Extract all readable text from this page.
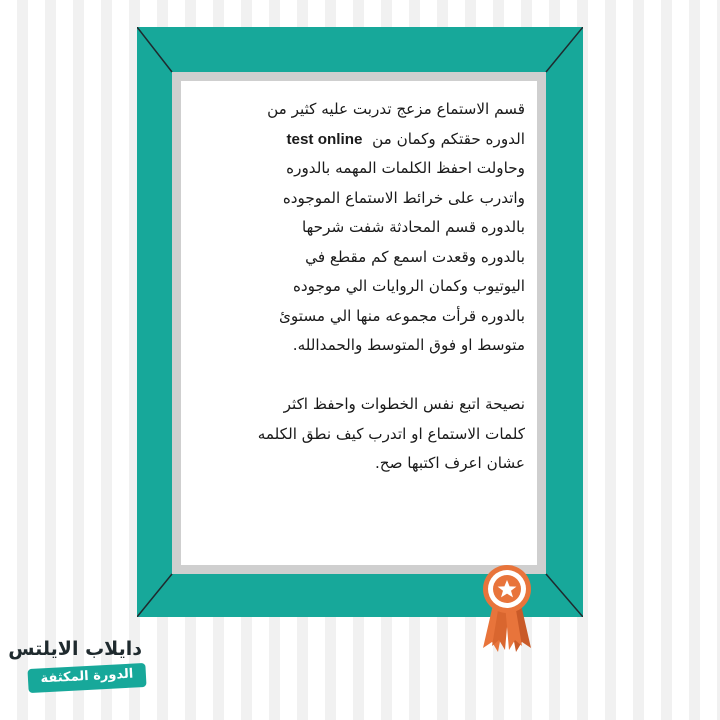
قسم الاستماع مزعج تدربت عليه كثير من
الدوره حقتكم وكمان من  test online
وحاولت احفظ الكلمات المهمه بالدوره
واتدرب على خرائط الاستماع الموجوده
بالدوره قسم المحادثة شفت شرحها
بالدوره وقعدت اسمع كم مقطع في
اليوتيوب وكمان الروايات الي موجوده
بالدوره قرأت مجموعه منها الي مستوئ
متوسط او فوق المتوسط والحمدالله.
نصيحة اتبع نفس الخطوات واحفظ اكثر
كلمات الاستماع او اتدرب كيف نطق الكلمه
عشان اعرف اكتبها صح.
دايلاب الايلتس
الدورة المكثفة
